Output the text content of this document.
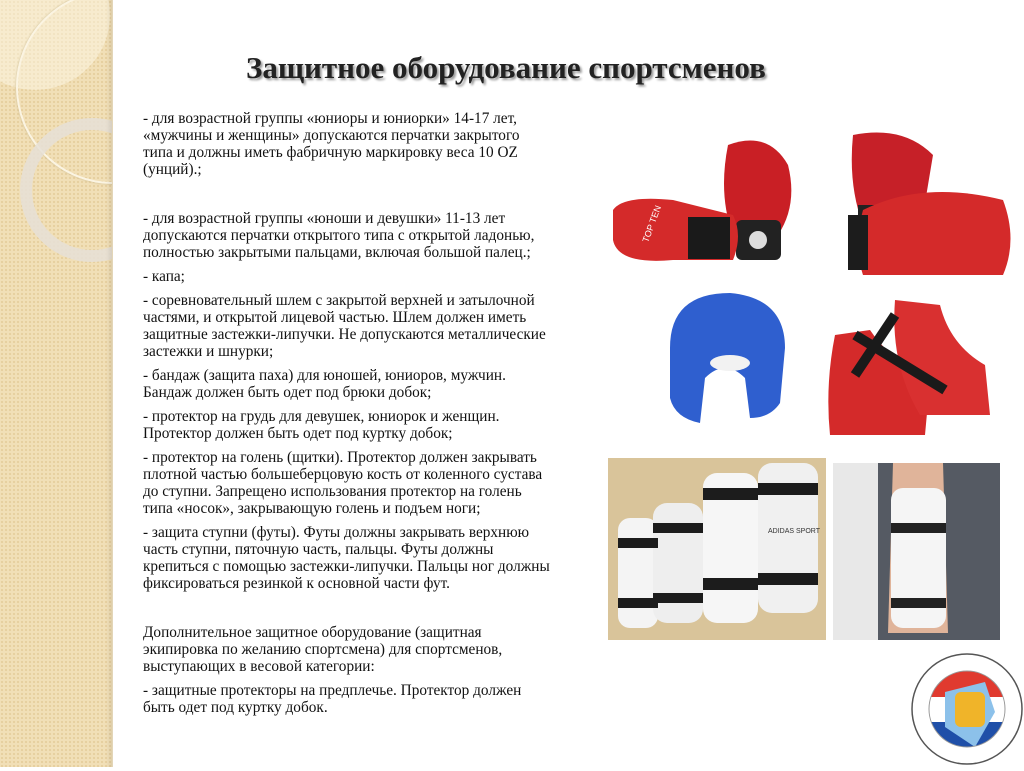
Защитное оборудование спортсменов
- для возрастной группы «юниоры и юниорки» 14-17 лет,
«мужчины и женщины» допускаются перчатки закрытого
типа и должны иметь фабричную маркировку веса 10 OZ
(унций).;
- для возрастной группы «юноши и девушки» 11-13 лет
допускаются перчатки открытого типа с открытой ладонью,
полностью закрытыми пальцами, включая большой палец.;
- капа;
- соревновательный шлем с закрытой верхней и затылочной
частями, и открытой лицевой частью. Шлем должен иметь
защитные застежки-липучки. Не допускаются металлические
застежки и шнурки;
- бандаж (защита паха) для юношей, юниоров, мужчин.
Бандаж должен быть одет под брюки добок;
- протектор на грудь для девушек, юниорок и женщин.
Протектор должен быть одет под куртку добок;
- протектор на голень (щитки). Протектор должен закрывать
плотной частью большеберцовую кость от коленного сустава
до ступни. Запрещено использования протектор на голень
типа «носок», закрывающую голень и подъем ноги;
- защита ступни (футы). Футы должны закрывать верхнюю
часть ступни, пяточную часть, пальцы. Футы должны
крепиться с помощью застежки-липучки. Пальцы ног должны
фиксироваться резинкой к основной части фут.
Дополнительное защитное оборудование (защитная
экипировка по желанию спортсмена) для спортсменов,
выступающих в весовой категории:
- защитные протекторы на предплечье. Протектор должен
быть одет под куртку добок.
TOP TEN
ADIDAS SPORT
